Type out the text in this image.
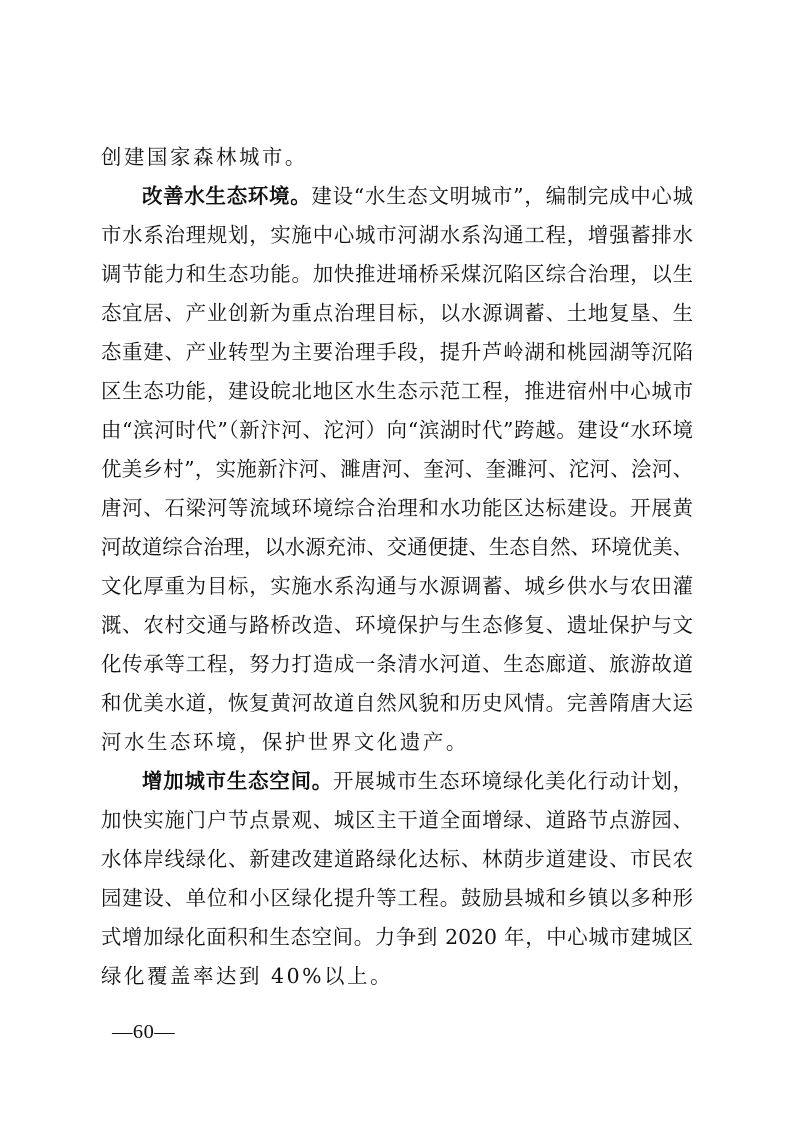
创建国家森林城市。
改善水生态环境。建设“水生态文明城市”，编制完成中心城
市水系治理规划，实施中心城市河湖水系沟通工程，增强蓄排水
调节能力和生态功能。加快推进埇桥采煤沉陷区综合治理，以生
态宜居、产业创新为重点治理目标，以水源调蓄、土地复垦、生
态重建、产业转型为主要治理手段，提升芦岭湖和桃园湖等沉陷
区生态功能，建设皖北地区水生态示范工程，推进宿州中心城市
由“滨河时代”（新汴河、沱河）向“滨湖时代”跨越。建设“水环境
优美乡村”，实施新汴河、濉唐河、奎河、奎濉河、沱河、浍河、
唐河、石梁河等流域环境综合治理和水功能区达标建设。开展黄
河故道综合治理，以水源充沛、交通便捷、生态自然、环境优美、
文化厚重为目标，实施水系沟通与水源调蓄、城乡供水与农田灌
溉、农村交通与路桥改造、环境保护与生态修复、遗址保护与文
化传承等工程，努力打造成一条清水河道、生态廊道、旅游故道
和优美水道，恢复黄河故道自然风貌和历史风情。完善隋唐大运
河水生态环境，保护世界文化遗产。
增加城市生态空间。开展城市生态环境绿化美化行动计划，
加快实施门户节点景观、城区主干道全面增绿、道路节点游园、
水体岸线绿化、新建改建道路绿化达标、林荫步道建设、市民农
园建设、单位和小区绿化提升等工程。鼓励县城和乡镇以多种形
式增加绿化面积和生态空间。力争到 2020 年，中心城市建城区
绿化覆盖率达到 40%以上。
—60—
